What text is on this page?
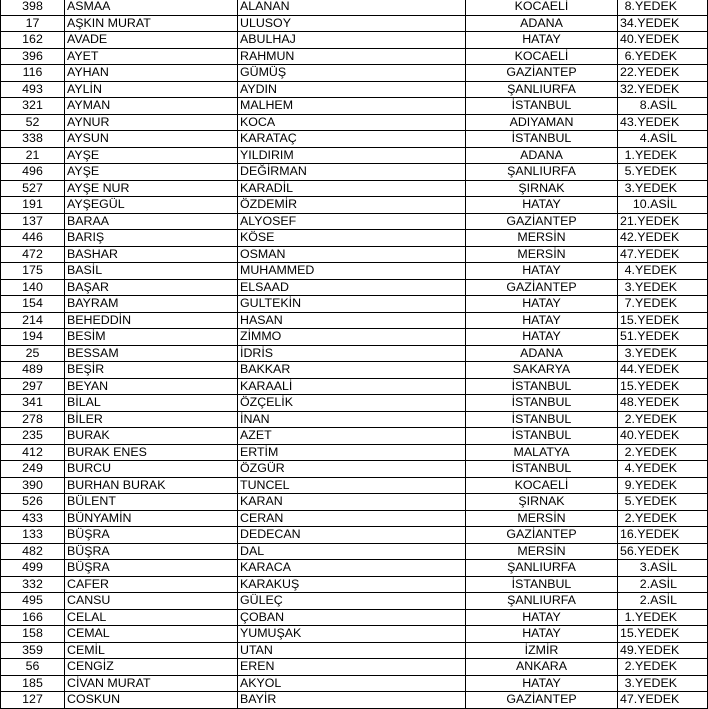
398	ASMAA	ALANAN	KOCAELİ	8.YEDEK
17	AŞKIN MURAT	ULUSOY	ADANA	34.YEDEK
162	AVADE	ABULHAJ	HATAY	40.YEDEK
396	AYET	RAHMUN	KOCAELİ	6.YEDEK
116	AYHAN	GÜMÜŞ	GAZİANTEP	22.YEDEK
493	AYLİN	AYDIN	ŞANLIURFA	32.YEDEK
321	AYMAN	MALHEM	İSTANBUL	8.ASİL
52	AYNUR	KOCA	ADIYAMAN	43.YEDEK
338	AYSUN	KARATAÇ	İSTANBUL	4.ASİL
21	AYŞE	YILDIRIM	ADANA	1.YEDEK
496	AYŞE	DEĞİRMAN	ŞANLIURFA	5.YEDEK
527	AYŞE NUR	KARADİL	ŞIRNAK	3.YEDEK
191	AYŞEGÜL	ÖZDEMİR	HATAY	10.ASİL
137	BARAA	ALYOSEF	GAZİANTEP	21.YEDEK
446	BARIŞ	KÖSE	MERSİN	42.YEDEK
472	BASHAR	OSMAN	MERSİN	47.YEDEK
175	BASİL	MUHAMMED	HATAY	4.YEDEK
140	BAŞAR	ELSAAD	GAZİANTEP	3.YEDEK
154	BAYRAM	GULTEKİN	HATAY	7.YEDEK
214	BEHEDDİN	HASAN	HATAY	15.YEDEK
194	BESİM	ZİMMO	HATAY	51.YEDEK
25	BESSAM	İDRİS	ADANA	3.YEDEK
489	BEŞİR	BAKKAR	SAKARYA	44.YEDEK
297	BEYAN	KARAALİ	İSTANBUL	15.YEDEK
341	BİLAL	ÖZÇELİK	İSTANBUL	48.YEDEK
278	BİLER	İNAN	İSTANBUL	2.YEDEK
235	BURAK	AZET	İSTANBUL	40.YEDEK
412	BURAK ENES	ERTİM	MALATYA	2.YEDEK
249	BURCU	ÖZGÜR	İSTANBUL	4.YEDEK
390	BURHAN BURAK	TUNCEL	KOCAELİ	9.YEDEK
526	BÜLENT	KARAN	ŞIRNAK	5.YEDEK
433	BÜNYAMİN	CERAN	MERSİN	2.YEDEK
133	BÜŞRA	DEDECAN	GAZİANTEP	16.YEDEK
482	BÜŞRA	DAL	MERSİN	56.YEDEK
499	BÜŞRA	KARACA	ŞANLIURFA	3.ASİL
332	CAFER	KARAKUŞ	İSTANBUL	2.ASİL
495	CANSU	GÜLEÇ	ŞANLIURFA	2.ASİL
166	CELAL	ÇOBAN	HATAY	1.YEDEK
158	CEMAL	YUMUŞAK	HATAY	15.YEDEK
359	CEMİL	UTAN	İZMİR	49.YEDEK
56	CENGİZ	EREN	ANKARA	2.YEDEK
185	CİVAN MURAT	AKYOL	HATAY	3.YEDEK
127	COSKUN	BAYİR	GAZİANTEP	47.YEDEK
